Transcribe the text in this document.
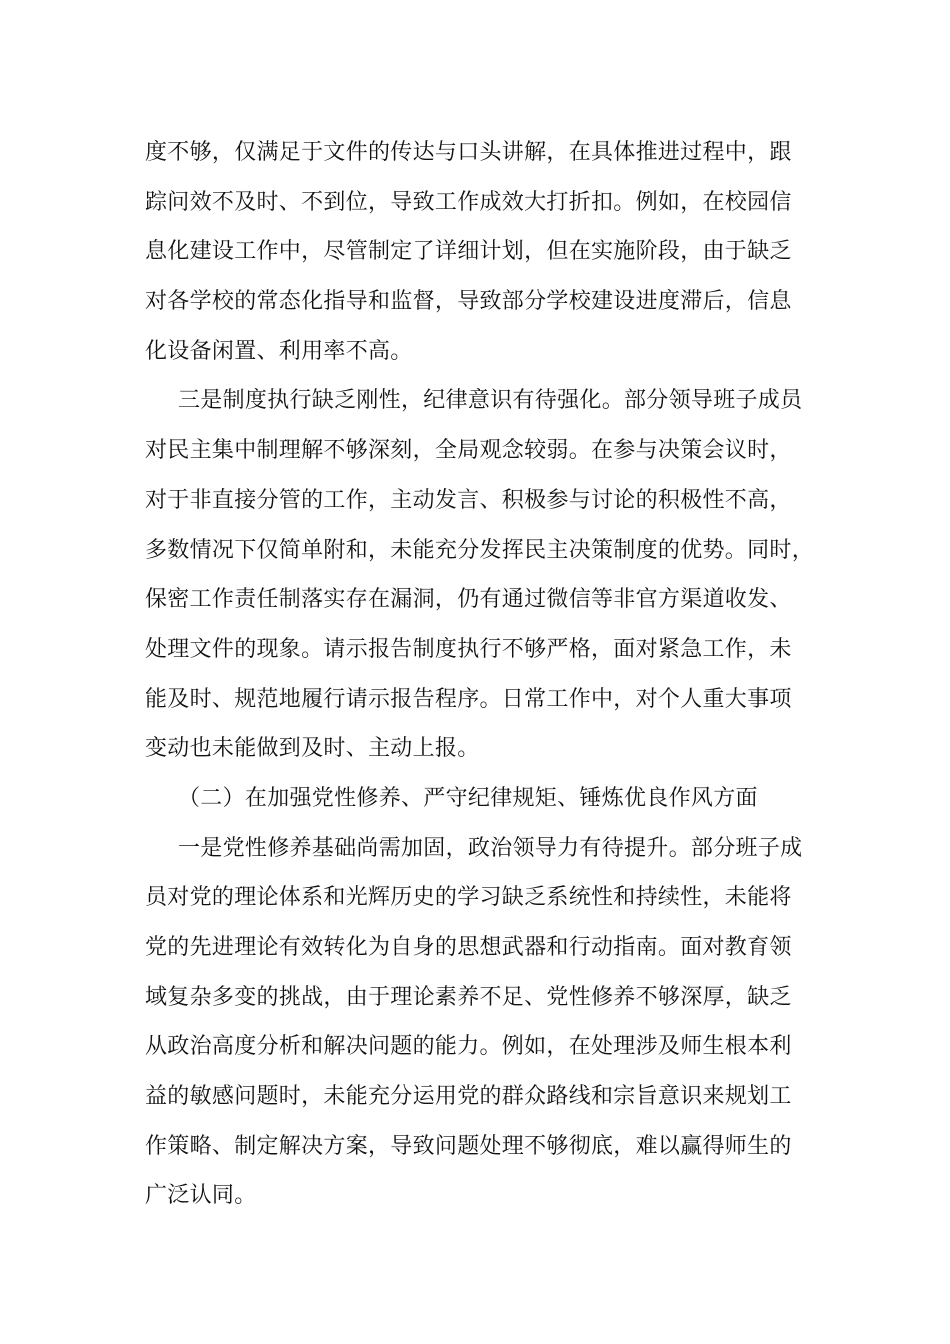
度不够，仅满足于文件的传达与口头讲解，在具体推进过程中，跟
踪问效不及时、不到位，导致工作成效大打折扣。例如，在校园信
息化建设工作中，尽管制定了详细计划，但在实施阶段，由于缺乏
对各学校的常态化指导和监督，导致部分学校建设进度滞后，信息
化设备闲置、利用率不高。
三是制度执行缺乏刚性，纪律意识有待强化。部分领导班子成员
对民主集中制理解不够深刻，全局观念较弱。在参与决策会议时，
对于非直接分管的工作，主动发言、积极参与讨论的积极性不高，
多数情况下仅简单附和，未能充分发挥民主决策制度的优势。同时，
保密工作责任制落实存在漏洞，仍有通过微信等非官方渠道收发、
处理文件的现象。请示报告制度执行不够严格，面对紧急工作，未
能及时、规范地履行请示报告程序。日常工作中，对个人重大事项
变动也未能做到及时、主动上报。
（二）在加强党性修养、严守纪律规矩、锤炼优良作风方面
一是党性修养基础尚需加固，政治领导力有待提升。部分班子成
员对党的理论体系和光辉历史的学习缺乏系统性和持续性，未能将
党的先进理论有效转化为自身的思想武器和行动指南。面对教育领
域复杂多变的挑战，由于理论素养不足、党性修养不够深厚，缺乏
从政治高度分析和解决问题的能力。例如，在处理涉及师生根本利
益的敏感问题时，未能充分运用党的群众路线和宗旨意识来规划工
作策略、制定解决方案，导致问题处理不够彻底，难以赢得师生的
广泛认同。
